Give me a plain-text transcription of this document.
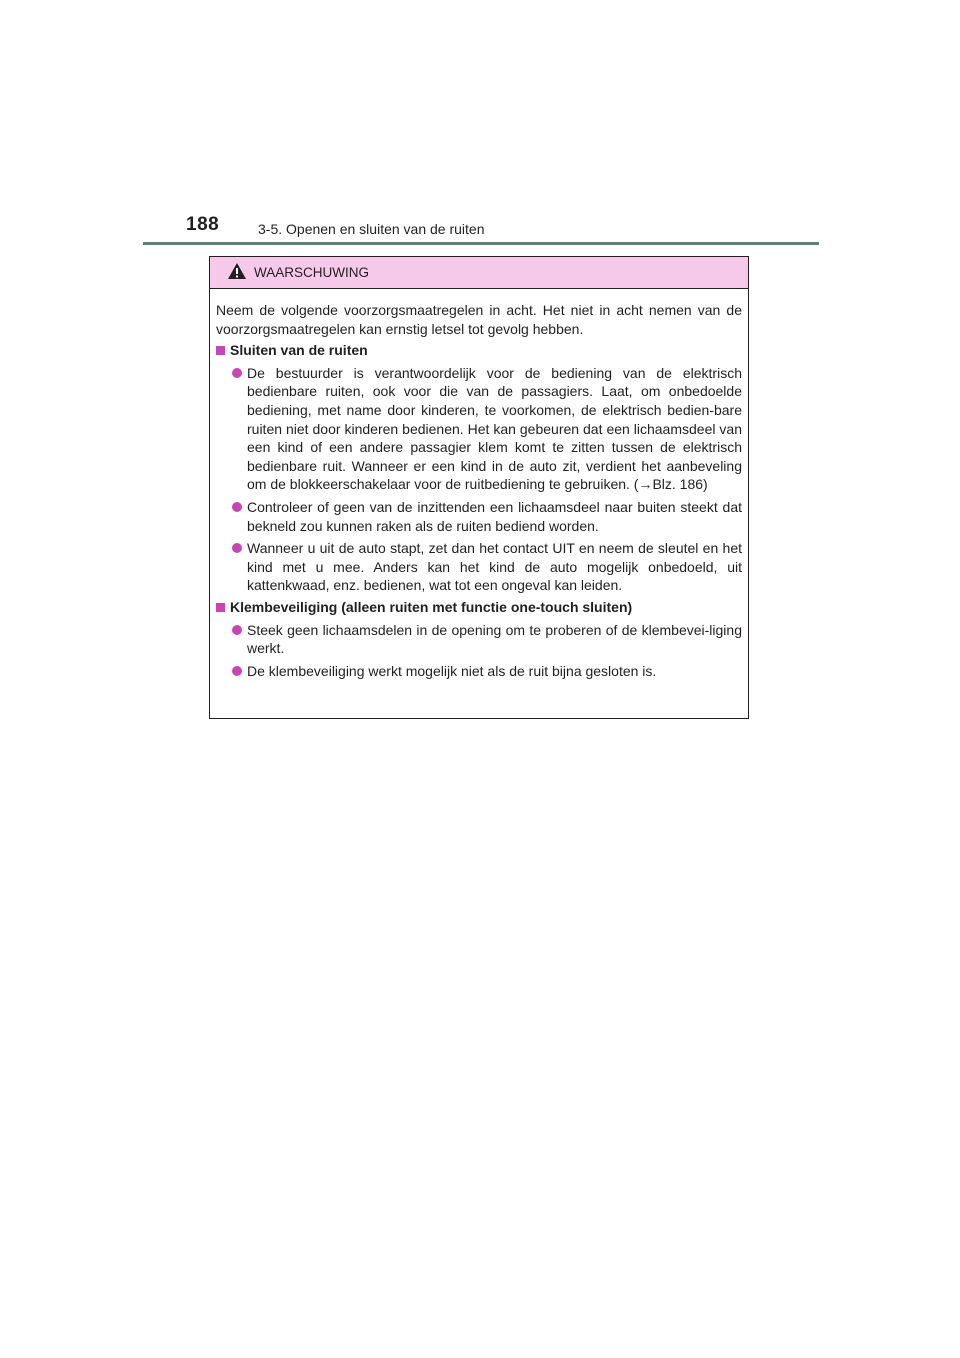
188	3-5. Openen en sluiten van de ruiten
WAARSCHUWING

Neem de volgende voorzorgsmaatregelen in acht. Het niet in acht nemen van de voorzorgsmaatregelen kan ernstig letsel tot gevolg hebben.

Sluiten van de ruiten
De bestuurder is verantwoordelijk voor de bediening van de elektrisch bedienbare ruiten, ook voor die van de passagiers. Laat, om onbedoelde bediening, met name door kinderen, te voorkomen, de elektrisch bedien-bare ruiten niet door kinderen bedienen. Het kan gebeuren dat een lichaamsdeel van een kind of een andere passagier klem komt te zitten tussen de elektrisch bedienbare ruit. Wanneer er een kind in de auto zit, verdient het aanbeveling om de blokkeerschakelaar voor de ruitbediening te gebruiken. (→Blz. 186)
Controleer of geen van de inzittenden een lichaamsdeel naar buiten steekt dat bekneld zou kunnen raken als de ruiten bediend worden.
Wanneer u uit de auto stapt, zet dan het contact UIT en neem de sleutel en het kind met u mee. Anders kan het kind de auto mogelijk onbedoeld, uit kattenkwaad, enz. bedienen, wat tot een ongeval kan leiden.
Klembeveiliging (alleen ruiten met functie one-touch sluiten)
Steek geen lichaamsdelen in de opening om te proberen of de klembevei-liging werkt.
De klembeveiliging werkt mogelijk niet als de ruit bijna gesloten is.
